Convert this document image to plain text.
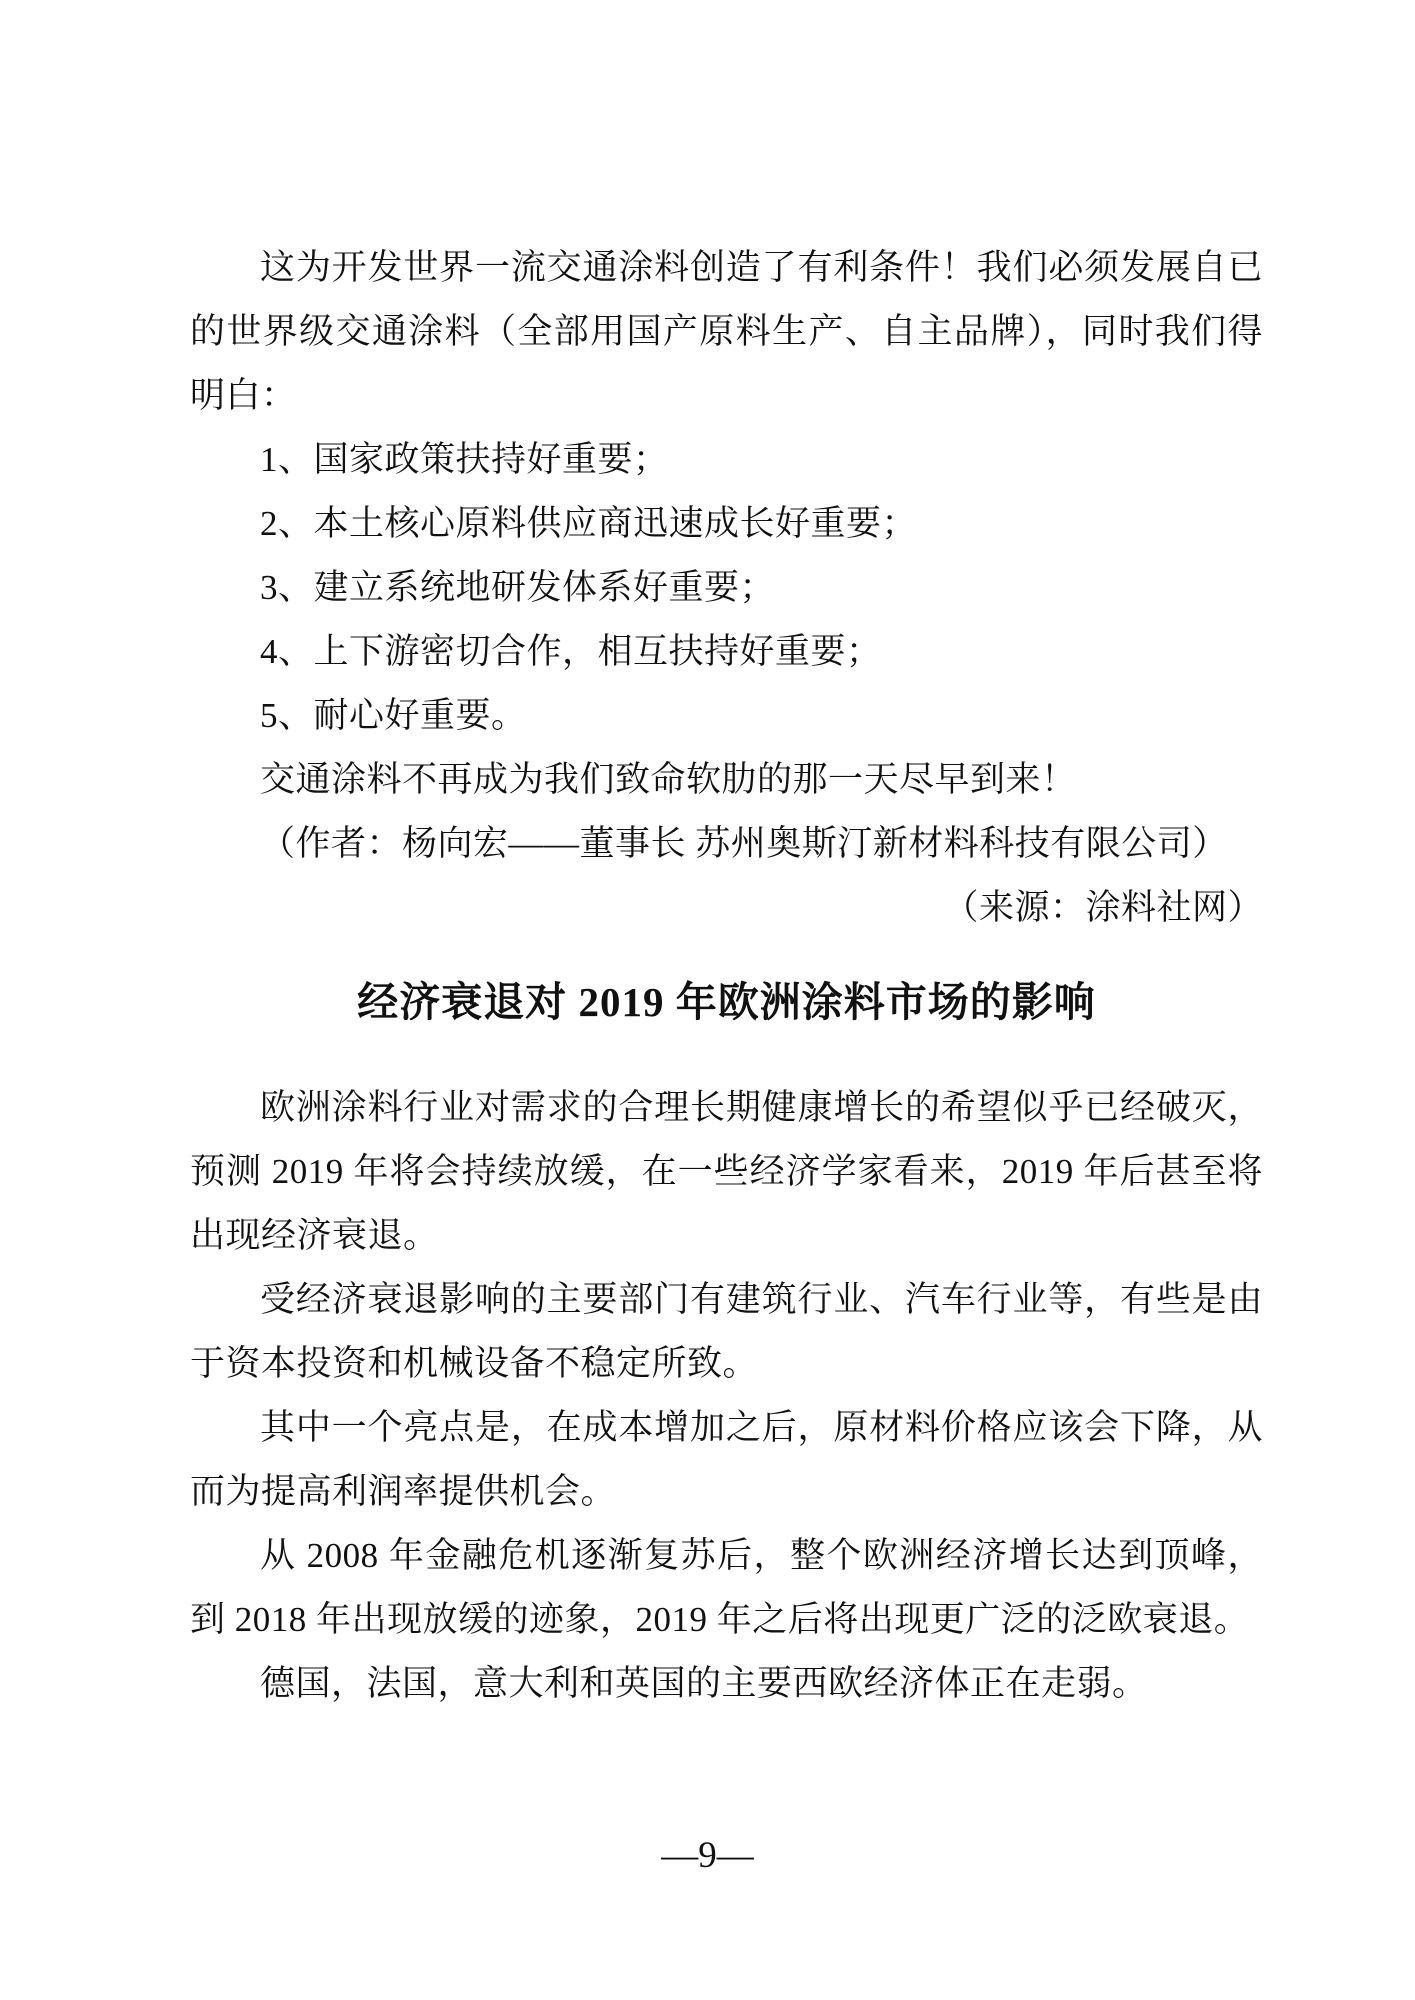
这为开发世界一流交通涂料创造了有利条件！我们必须发展自已的世界级交通涂料（全部用国产原料生产、自主品牌），同时我们得明白：

1、国家政策扶持好重要；

2、本土核心原料供应商迅速成长好重要；

3、建立系统地研发体系好重要；

4、上下游密切合作，相互扶持好重要；

5、耐心好重要。

交通涂料不再成为我们致命软肋的那一天尽早到来！

（作者：杨向宏——董事长 苏州奥斯汀新材料科技有限公司）

（来源：涂料社网）

经济衰退对 2019 年欧洲涂料市场的影响

欧洲涂料行业对需求的合理长期健康增长的希望似乎已经破灭，预测 2019 年将会持续放缓，在一些经济学家看来，2019 年后甚至将出现经济衰退。

受经济衰退影响的主要部门有建筑行业、汽车行业等，有些是由于资本投资和机械设备不稳定所致。

其中一个亮点是，在成本增加之后，原材料价格应该会下降，从而为提高利润率提供机会。

从 2008 年金融危机逐渐复苏后，整个欧洲经济增长达到顶峰，到 2018 年出现放缓的迹象，2019 年之后将出现更广泛的泛欧衰退。

德国，法国，意大利和英国的主要西欧经济体正在走弱。

—9—
